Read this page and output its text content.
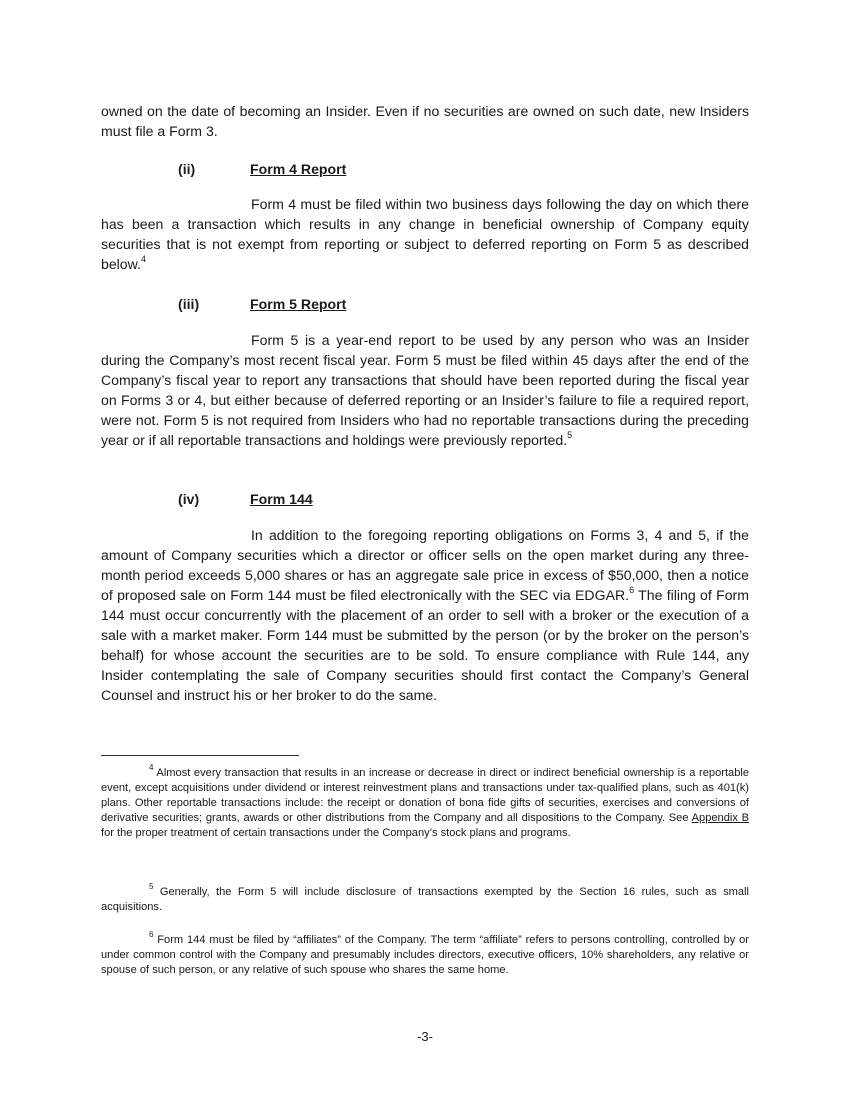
owned on the date of becoming an Insider. Even if no securities are owned on such date, new Insiders must file a Form 3.

(ii)	Form 4 Report

Form 4 must be filed within two business days following the day on which there has been a transaction which results in any change in beneficial ownership of Company equity securities that is not exempt from reporting or subject to deferred reporting on Form 5 as described below.$^4$

(iii)	Form 5 Report

Form 5 is a year-end report to be used by any person who was an Insider during the Company’s most recent fiscal year. Form 5 must be filed within 45 days after the end of the Company’s fiscal year to report any transactions that should have been reported during the fiscal year on Forms 3 or 4, but either because of deferred reporting or an Insider’s failure to file a required report, were not. Form 5 is not required from Insiders who had no reportable transactions during the preceding year or if all reportable transactions and holdings were previously reported.$^5$

(iv)	Form 144

In addition to the foregoing reporting obligations on Forms 3, 4 and 5, if the amount of Company securities which a director or officer sells on the open market during any three-month period exceeds 5,000 shares or has an aggregate sale price in excess of $50,000, then a notice of proposed sale on Form 144 must be filed electronically with the SEC via EDGAR.$^6$ The filing of Form 144 must occur concurrently with the placement of an order to sell with a broker or the execution of a sale with a market maker. Form 144 must be submitted by the person (or by the broker on the person’s behalf) for whose account the securities are to be sold. To ensure compliance with Rule 144, any Insider contemplating the sale of Company securities should first contact the Company’s General Counsel and instruct his or her broker to do the same.

$^4$ Almost every transaction that results in an increase or decrease in direct or indirect beneficial ownership is a reportable event, except acquisitions under dividend or interest reinvestment plans and transactions under tax-qualified plans, such as 401(k) plans. Other reportable transactions include: the receipt or donation of bona fide gifts of securities, exercises and conversions of derivative securities; grants, awards or other distributions from the Company and all dispositions to the Company. See Appendix B for the proper treatment of certain transactions under the Company’s stock plans and programs.

$^5$ Generally, the Form 5 will include disclosure of transactions exempted by the Section 16 rules, such as small acquisitions.

$^6$ Form 144 must be filed by “affiliates” of the Company. The term “affiliate” refers to persons controlling, controlled by or under common control with the Company and presumably includes directors, executive officers, 10% shareholders, any relative or spouse of such person, or any relative of such spouse who shares the same home.

-3-
